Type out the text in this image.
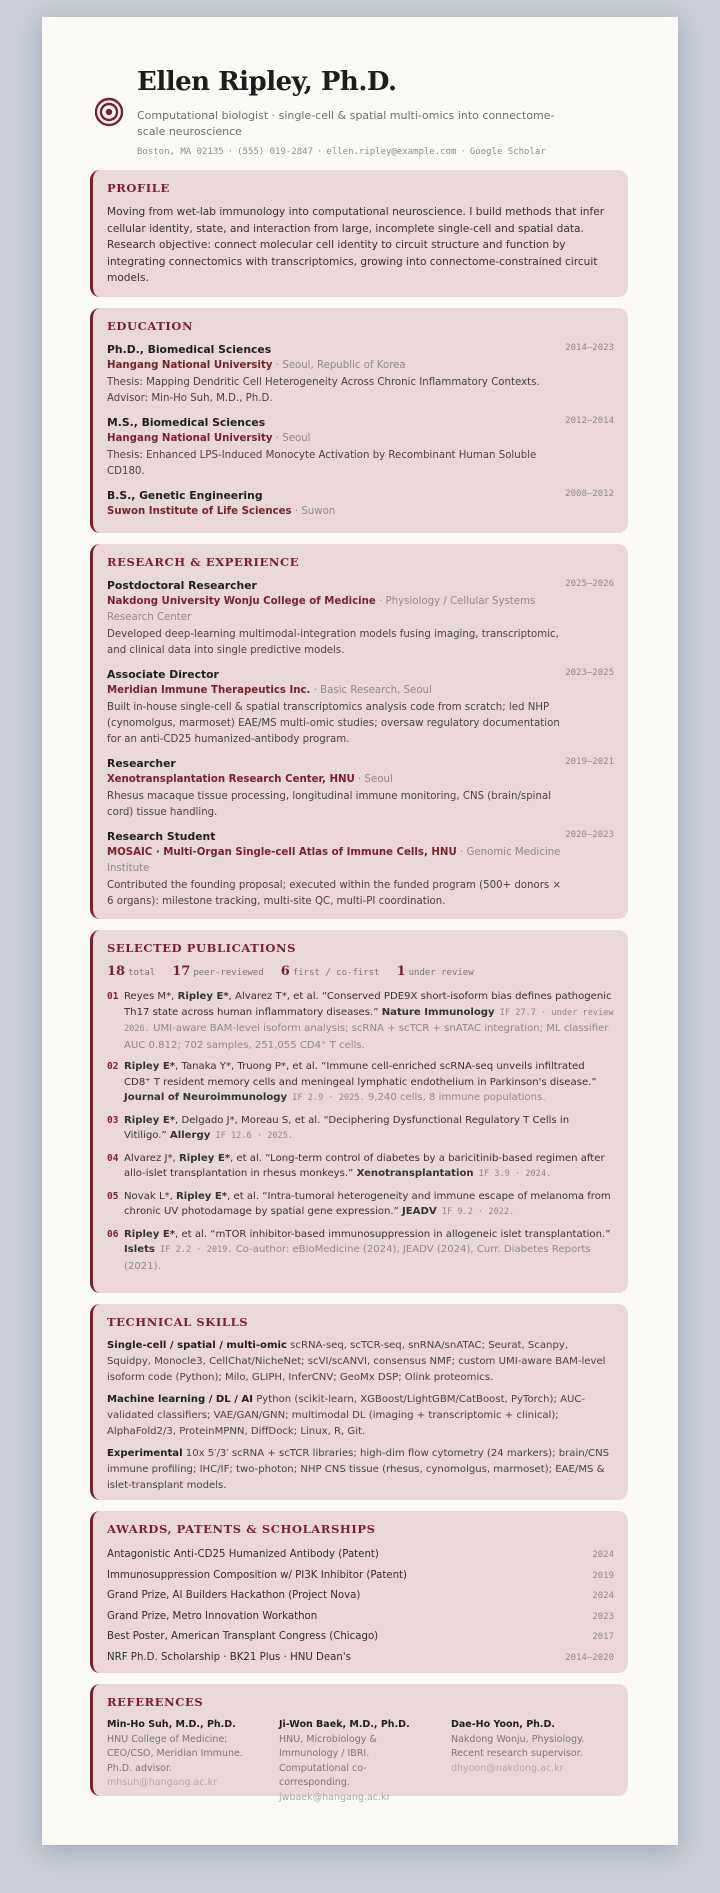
Ellen Ripley, Ph.D.
Computational biologist · single-cell & spatial multi-omics into connectome-scale neuroscience
Boston, MA 02135 · (555) 019-2847 · ellen.ripley@example.com · Google Scholar
PROFILE
Moving from wet-lab immunology into computational neuroscience. I build methods that infer cellular identity, state, and interaction from large, incomplete single-cell and spatial data. Research objective: connect molecular cell identity to circuit structure and function by integrating connectomics with transcriptomics, growing into connectome-constrained circuit models.
EDUCATION
Ph.D., Biomedical Sciences	2014–2023
Hangang National University · Seoul, Republic of Korea
Thesis: Mapping Dendritic Cell Heterogeneity Across Chronic Inflammatory Contexts. Advisor: Min-Ho Suh, M.D., Ph.D.
M.S., Biomedical Sciences	2012–2014
Hangang National University · Seoul
Thesis: Enhanced LPS-Induced Monocyte Activation by Recombinant Human Soluble CD180.
B.S., Genetic Engineering	2008–2012
Suwon Institute of Life Sciences · Suwon
RESEARCH & EXPERIENCE
Postdoctoral Researcher	2025–2026
Nakdong University Wonju College of Medicine · Physiology / Cellular Systems Research Center
Developed deep-learning multimodal-integration models fusing imaging, transcriptomic, and clinical data into single predictive models.
Associate Director	2023–2025
Meridian Immune Therapeutics Inc. · Basic Research, Seoul
Built in-house single-cell & spatial transcriptomics analysis code from scratch; led NHP (cynomolgus, marmoset) EAE/MS multi-omic studies; oversaw regulatory documentation for an anti-CD25 humanized-antibody program.
Researcher	2019–2021
Xenotransplantation Research Center, HNU · Seoul
Rhesus macaque tissue processing, longitudinal immune monitoring, CNS (brain/spinal cord) tissue handling.
Research Student	2020–2023
MOSAIC · Multi-Organ Single-cell Atlas of Immune Cells, HNU · Genomic Medicine Institute
Contributed the founding proposal; executed within the funded program (500+ donors × 6 organs): milestone tracking, multi-site QC, multi-PI coordination.
SELECTED PUBLICATIONS
18 total 17 peer-reviewed 6 first / co-first 1 under review
01 Reyes M*, Ripley E*, Alvarez T*, et al. “Conserved PDE9X short-isoform bias defines pathogenic Th17 state across human inflammatory diseases.” Nature Immunology IF 27.7 · under review 2026. UMI-aware BAM-level isoform analysis; scRNA + scTCR + snATAC integration; ML classifier AUC 0.812; 702 samples, 251,055 CD4⁺ T cells.
02 Ripley E*, Tanaka Y*, Truong P*, et al. “Immune cell-enriched scRNA-seq unveils infiltrated CD8⁺ T resident memory cells and meningeal lymphatic endothelium in Parkinson's disease.” Journal of Neuroimmunology IF 2.9 · 2025. 9,240 cells, 8 immune populations.
03 Ripley E*, Delgado J*, Moreau S, et al. “Deciphering Dysfunctional Regulatory T Cells in Vitiligo.” Allergy IF 12.6 · 2025.
04 Alvarez J*, Ripley E*, et al. “Long-term control of diabetes by a baricitinib-based regimen after allo-islet transplantation in rhesus monkeys.” Xenotransplantation IF 3.9 · 2024.
05 Novak L*, Ripley E*, et al. “Intra-tumoral heterogeneity and immune escape of melanoma from chronic UV photodamage by spatial gene expression.” JEADV IF 9.2 · 2022.
06 Ripley E*, et al. “mTOR inhibitor-based immunosuppression in allogeneic islet transplantation.” Islets IF 2.2 · 2019. Co-author: eBioMedicine (2024), JEADV (2024), Curr. Diabetes Reports (2021).
TECHNICAL SKILLS
Single-cell / spatial / multi-omic scRNA-seq, scTCR-seq, snRNA/snATAC; Seurat, Scanpy, Squidpy, Monocle3, CellChat/NicheNet; scVI/scANVI, consensus NMF; custom UMI-aware BAM-level isoform code (Python); Milo, GLIPH, InferCNV; GeoMx DSP; Olink proteomics.
Machine learning / DL / AI Python (scikit-learn, XGBoost/LightGBM/CatBoost, PyTorch); AUC-validated classifiers; VAE/GAN/GNN; multimodal DL (imaging + transcriptomic + clinical); AlphaFold2/3, ProteinMPNN, DiffDock; Linux, R, Git.
Experimental 10x 5′/3′ scRNA + scTCR libraries; high-dim flow cytometry (24 markers); brain/CNS immune profiling; IHC/IF; two-photon; NHP CNS tissue (rhesus, cynomolgus, marmoset); EAE/MS & islet-transplant models.
AWARDS, PATENTS & SCHOLARSHIPS
Antagonistic Anti-CD25 Humanized Antibody (Patent)	2024
Immunosuppression Composition w/ PI3K Inhibitor (Patent)	2019
Grand Prize, AI Builders Hackathon (Project Nova)	2024
Grand Prize, Metro Innovation Workathon	2023
Best Poster, American Transplant Congress (Chicago)	2017
NRF Ph.D. Scholarship · BK21 Plus · HNU Dean's	2014–2020
REFERENCES
Min-Ho Suh, M.D., Ph.D.
HNU College of Medicine; CEO/CSO, Meridian Immune. Ph.D. advisor.
mhsuh@hangang.ac.kr
Ji-Won Baek, M.D., Ph.D.
HNU, Microbiology & Immunology / IBRI. Computational co-corresponding.
jwbaek@hangang.ac.kr
Dae-Ho Yoon, Ph.D.
Nakdong Wonju, Physiology. Recent research supervisor.
dhyoon@nakdong.ac.kr
